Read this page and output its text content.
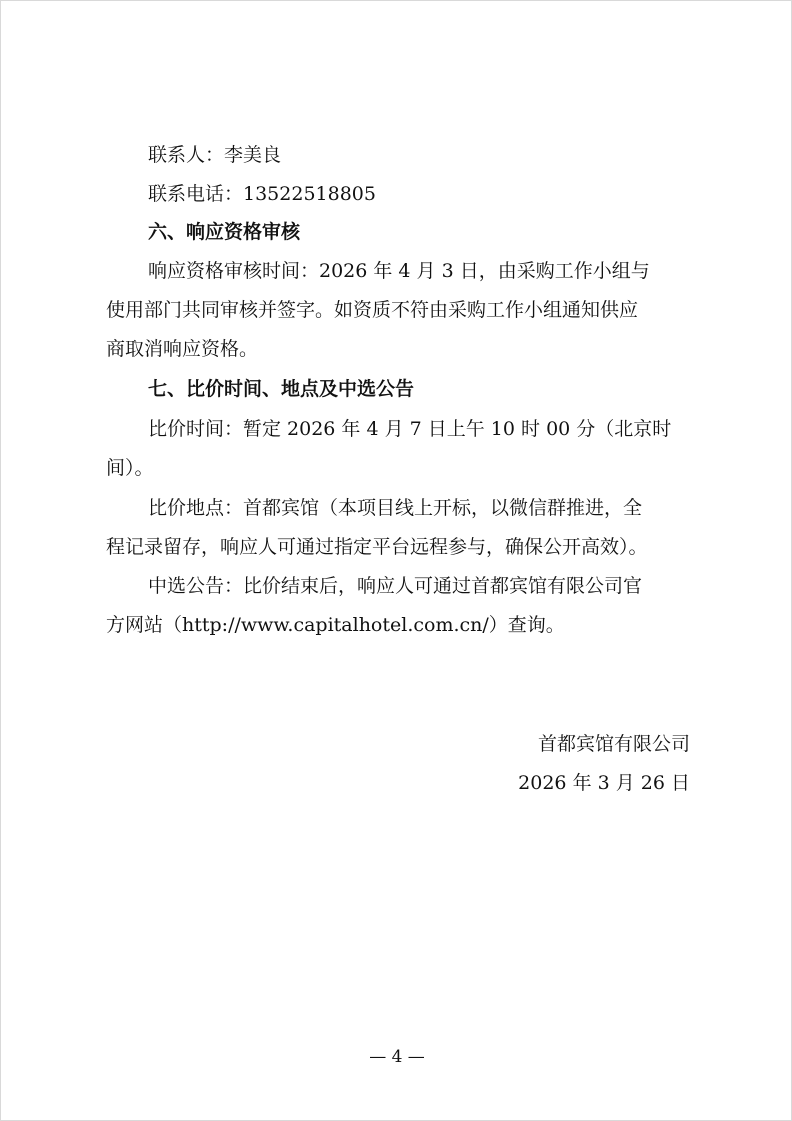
联系人：李美良
联系电话：13522518805
六、响应资格审核
响应资格审核时间：2026 年 4 月 3 日，由采购工作小组与
使用部门共同审核并签字。如资质不符由采购工作小组通知供应
商取消响应资格。
七、比价时间、地点及中选公告
比价时间：暂定 2026 年 4 月 7 日上午 10 时 00 分（北京时
间）。
比价地点：首都宾馆（本项目线上开标，以微信群推进，全
程记录留存，响应人可通过指定平台远程参与，确保公开高效）。
中选公告：比价结束后，响应人可通过首都宾馆有限公司官
方网站（http://www.capitalhotel.com.cn/）查询。
首都宾馆有限公司
2026 年 3 月 26 日
— 4 —
